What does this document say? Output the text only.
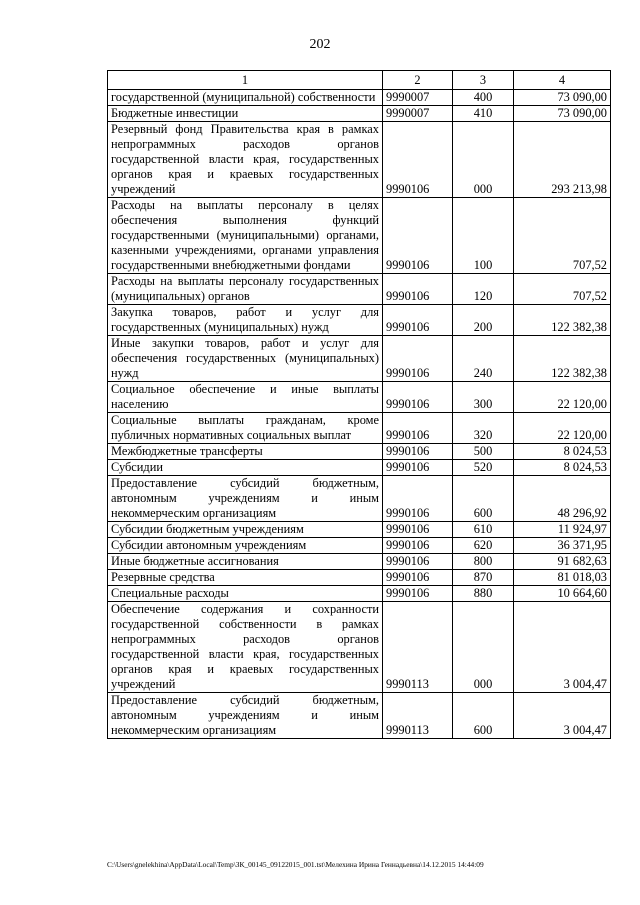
202
1	2	3	4
государственной (муниципальной) собственности	9990007	400	73 090,00
Бюджетные инвестиции	9990007	410	73 090,00
Резервный фонд Правительства края в рамках непрограммных расходов органов государственной власти края, государственных органов края и краевых государственных учреждений	9990106	000	293 213,98
Расходы на выплаты персоналу в целях обеспечения выполнения функций государственными (муниципальными) органами, казенными учреждениями, органами управления государственными внебюджетными фондами	9990106	100	707,52
Расходы на выплаты персоналу государственных (муниципальных) органов	9990106	120	707,52
Закупка товаров, работ и услуг для государственных (муниципальных) нужд	9990106	200	122 382,38
Иные закупки товаров, работ и услуг для обеспечения государственных (муниципальных) нужд	9990106	240	122 382,38
Социальное обеспечение и иные выплаты населению	9990106	300	22 120,00
Социальные выплаты гражданам, кроме публичных нормативных социальных выплат	9990106	320	22 120,00
Межбюджетные трансферты	9990106	500	8 024,53
Субсидии	9990106	520	8 024,53
Предоставление субсидий бюджетным, автономным учреждениям и иным некоммерческим организациям	9990106	600	48 296,92
Субсидии бюджетным учреждениям	9990106	610	11 924,97
Субсидии автономным учреждениям	9990106	620	36 371,95
Иные бюджетные ассигнования	9990106	800	91 682,63
Резервные средства	9990106	870	81 018,03
Специальные расходы	9990106	880	10 664,60
Обеспечение содержания и сохранности государственной собственности в рамках непрограммных расходов органов государственной власти края, государственных органов края и краевых государственных учреждений	9990113	000	3 004,47
Предоставление субсидий бюджетным, автономным учреждениям и иным некоммерческим организациям	9990113	600	3 004,47
C:\Users\gnelekhina\AppData\Local\Temp\ЗК_00145_09122015_001.tst\Мелехина Ирина Геннадьевна\14.12.2015 14:44:09
